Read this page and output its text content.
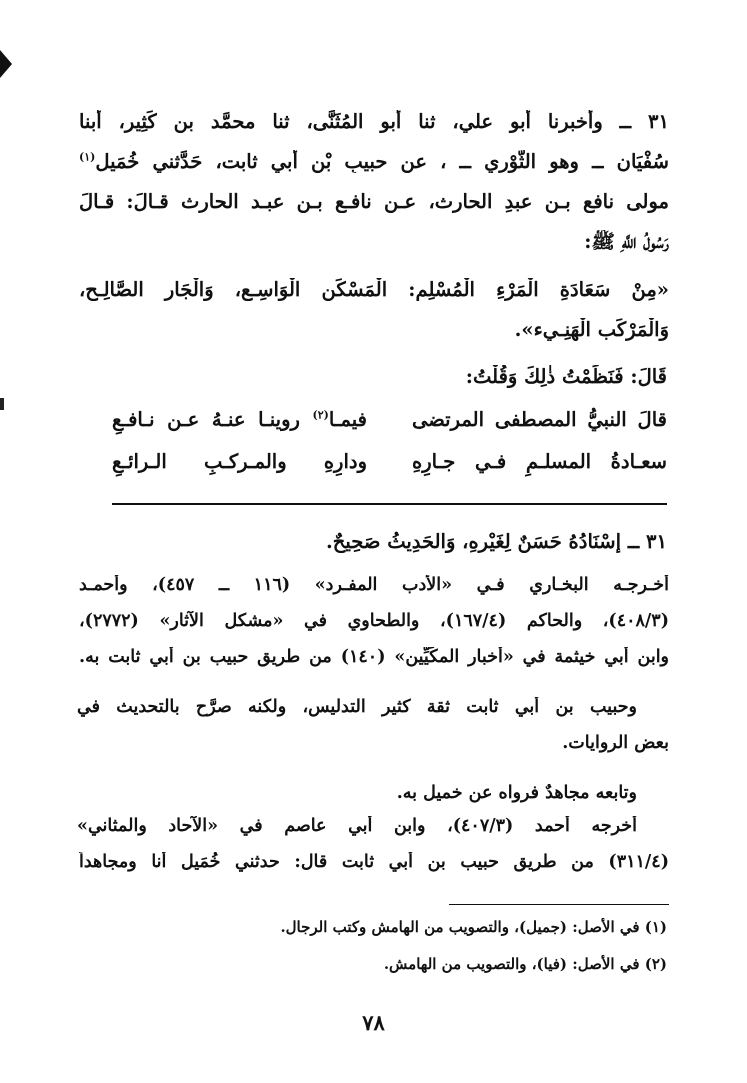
٣١ ــ وأخبرنا أبو علي، ثنا أبو المُثَنَّى، ثنا محمَّد بن كَثِير، أبنا
سُفْيَان ــ وهو الثَّوْرِي ــ ، عن حبيبِ بْنِ أبي ثابت، حَدَّثني خُمَيل$^{(١)}$
مولى نافع بـن عبدِ الحارث، عـن نافـع بـن عبـد الحارث قـالَ: قـالَ
رَسُولُ اللَّهِ ﷺ:
«مِنْ سَعَادَةِ الْمَرْءِ الْمُسْلِم: الْمَسْكَن الْوَاسِـع، وَالْجَار الصَّالِـح،
وَالْمَرْكَب الْهَنِـيء».
قَالَ: فَنَظَمْتُ ذٰلِكَ وَقُلْتُ:
قالَ النبيُّ المصطفى المرتضى
فيمـا$^{(٢)}$ روينـا عنـهُ عـن نـافـعِ
سعـادةُ المسلـمِ فـي جـارِهِ
ودارِهِ والمـركـبِ الـرائـعِ
٣١ ــ إِسْنَادُهُ حَسَنٌ لِغَيْرِهِ، وَالحَدِيثُ صَحِيحٌ.
أخـرجـه البخـاري فـي «الأدب المفـرد» (١١٦ ــ ٤٥٧)، وأحمـد
(٤٠٨/٣)، والحاكم (١٦٧/٤)، والطحاوي في «مشكل الآثار» (٢٧٧٢)،
وابن أبي خيثمة في «أخبار المكِّيِّين» (١٤٠) من طريق حبيب بن أبي ثابت به.
وحبيب بن أبي ثابت ثقة كثير التدليس، ولكنه صرَّح بالتحديث في
بعض الروايات.
وتابعه مجاهدٌ فرواه عن خميل به.
أخرجه أحمد (٤٠٧/٣)، وابن أبي عاصم في «الآحاد والمثاني»
(٣١١/٤) من طريق حبيب بن أبي ثابت قال: حدثني خُمَيل أنا ومجاهداً
(١) في الأصل: (جميل)، والتصويب من الهامش وكتب الرجال.
(٢) في الأصل: (فيا)، والتصويب من الهامش.
٧٨
